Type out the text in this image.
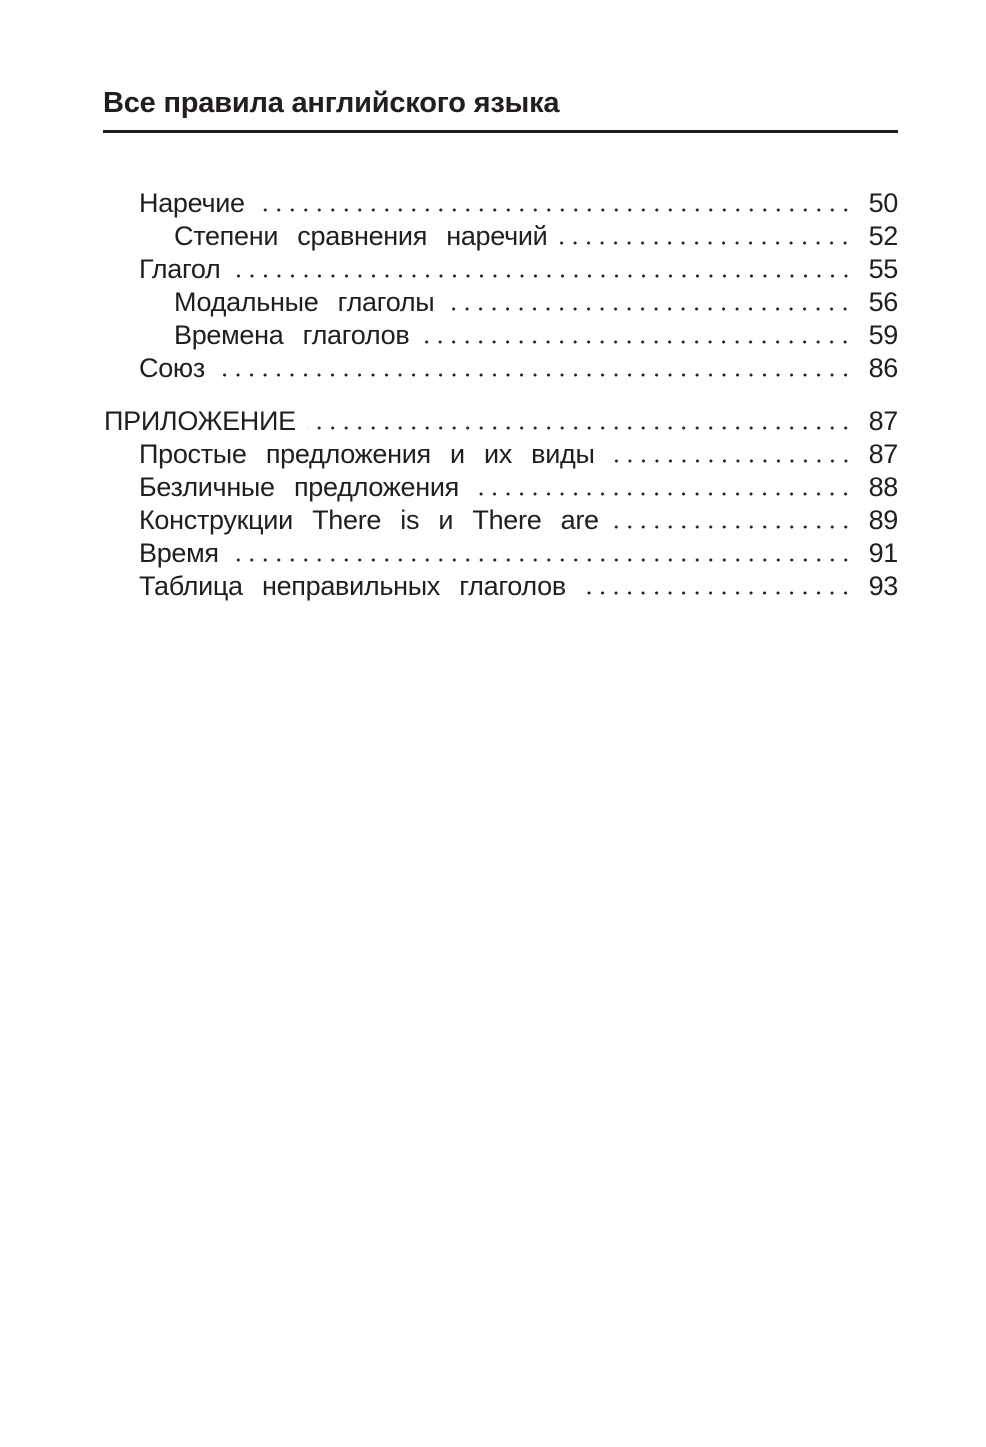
Все правила английского языка
Наречие	50
Степени сравнения наречий	52
Глагол	55
Модальные глаголы	56
Времена глаголов	59
Союз	86
ПРИЛОЖЕНИЕ	87
Простые предложения и их виды	87
Безличные предложения	88
Конструкции There is и There are	89
Время	91
Таблица неправильных глаголов	93
